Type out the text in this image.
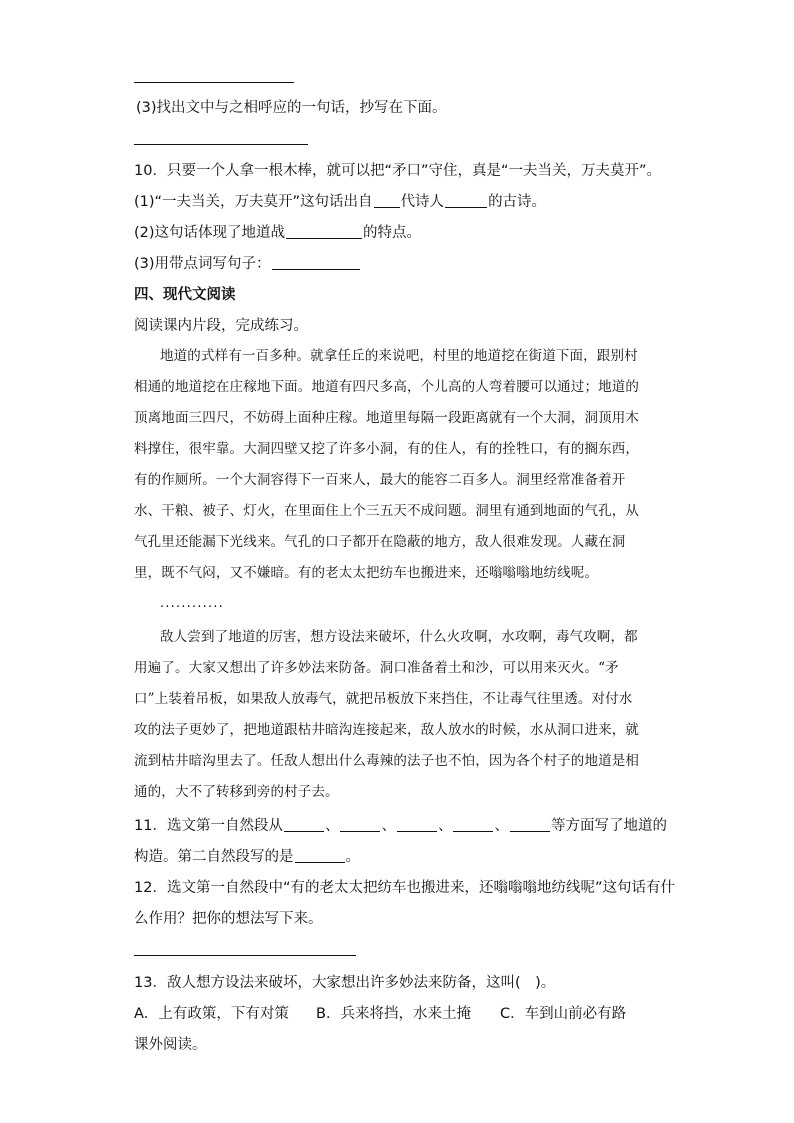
(3)找出文中与之相呼应的一句话，抄写在下面。
10．只要一个人拿一根木棒，就可以把“矛口”守住，真是“一夫当关，万夫莫开”。
(1)“一夫当关，万夫莫开”这句话出自 代诗人	的古诗。
(2)这句话体现了地道战	的特点。
(3)用带点词写句子：
四、现代文阅读
阅读课内片段，完成练习。
地道的式样有一百多种。就拿任丘的来说吧，村里的地道挖在街道下面，跟别村
相通的地道挖在庄稼地下面。地道有四尺多高，个儿高的人弯着腰可以通过；地道的
顶离地面三四尺，不妨碍上面种庄稼。地道里每隔一段距离就有一个大洞，洞顶用木
料撑住，很牢靠。大洞四壁又挖了许多小洞，有的住人，有的拴牲口，有的搁东西，
有的作厕所。一个大洞容得下一百来人，最大的能容二百多人。洞里经常准备着开
水、干粮、被子、灯火，在里面住上个三五天不成问题。洞里有通到地面的气孔，从
气孔里还能漏下光线来。气孔的口子都开在隐蔽的地方，敌人很难发现。人藏在洞
里，既不气闷，又不嫌暗。有的老太太把纺车也搬进来，还嗡嗡嗡地纺线呢。
............
敌人尝到了地道的厉害，想方设法来破坏，什么火攻啊，水攻啊，毒气攻啊，都
用遍了。大家又想出了许多妙法来防备。洞口准备着土和沙，可以用来灭火。“矛
口”上装着吊板，如果敌人放毒气，就把吊板放下来挡住，不让毒气往里透。对付水
攻的法子更妙了，把地道跟枯井暗沟连接起来，敌人放水的时候，水从洞口进来，就
流到枯井暗沟里去了。任敌人想出什么毒辣的法子也不怕，因为各个村子的地道是相
通的，大不了转移到旁的村子去。
11．选文第一自然段从	、	、	、	、	等方面写了地道的
构造。第二自然段写的是	。
12．选文第一自然段中“有的老太太把纺车也搬进来，还嗡嗡嗡地纺线呢”这句话有什
么作用？把你的想法写下来。
13．敌人想方设法来破坏，大家想出许多妙法来防备，这叫(　)。
A．上有政策，下有对策 B．兵来将挡，水来土掩 C．车到山前必有路
课外阅读。
